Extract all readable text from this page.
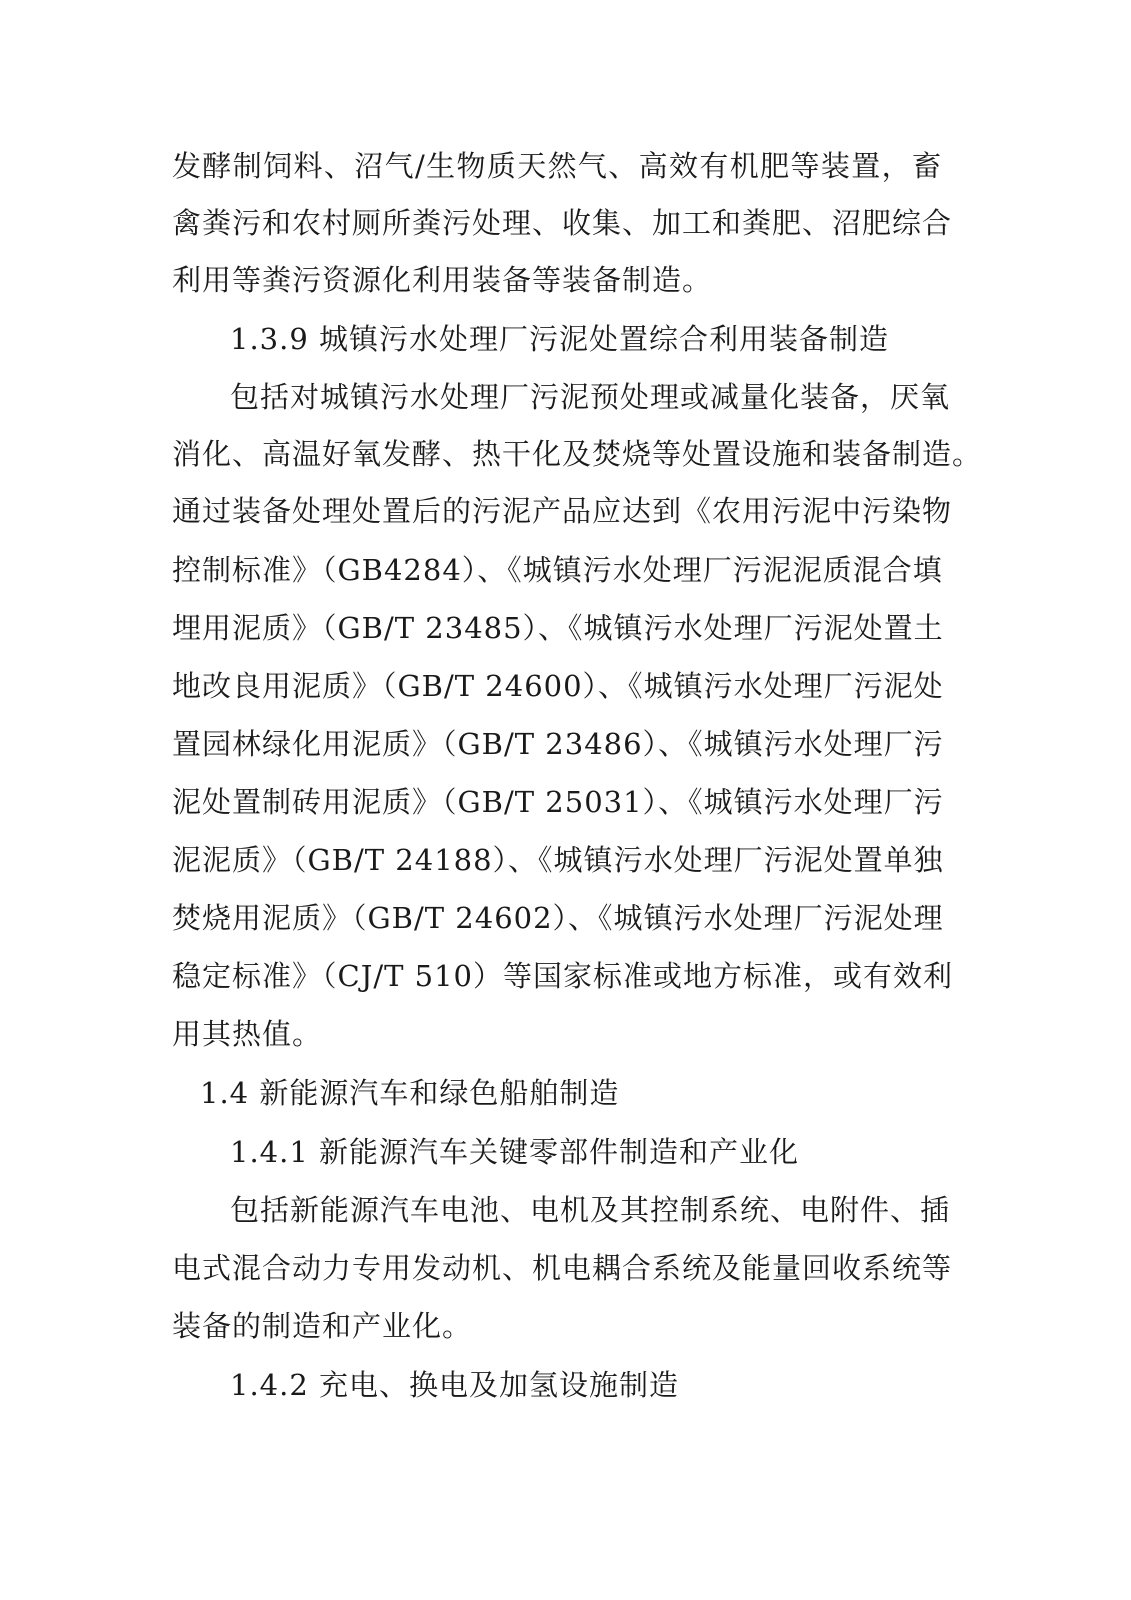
发酵制饲料、沼气/生物质天然气、高效有机肥等装置，畜
禽粪污和农村厕所粪污处理、收集、加工和粪肥、沼肥综合
利用等粪污资源化利用装备等装备制造。
1.3.9 城镇污水处理厂污泥处置综合利用装备制造
包括对城镇污水处理厂污泥预处理或减量化装备，厌氧
消化、高温好氧发酵、热干化及焚烧等处置设施和装备制造。
通过装备处理处置后的污泥产品应达到《农用污泥中污染物
控制标准》（GB4284）、《城镇污水处理厂污泥泥质混合填
埋用泥质》（GB/T 23485）、《城镇污水处理厂污泥处置土
地改良用泥质》（GB/T 24600）、《城镇污水处理厂污泥处
置园林绿化用泥质》（GB/T 23486）、《城镇污水处理厂污
泥处置制砖用泥质》（GB/T 25031）、《城镇污水处理厂污
泥泥质》（GB/T 24188）、《城镇污水处理厂污泥处置单独
焚烧用泥质》（GB/T 24602）、《城镇污水处理厂污泥处理
稳定标准》（CJ/T 510）等国家标准或地方标准，或有效利
用其热值。
1.4 新能源汽车和绿色船舶制造
1.4.1 新能源汽车关键零部件制造和产业化
包括新能源汽车电池、电机及其控制系统、电附件、插
电式混合动力专用发动机、机电耦合系统及能量回收系统等
装备的制造和产业化。
1.4.2 充电、换电及加氢设施制造
